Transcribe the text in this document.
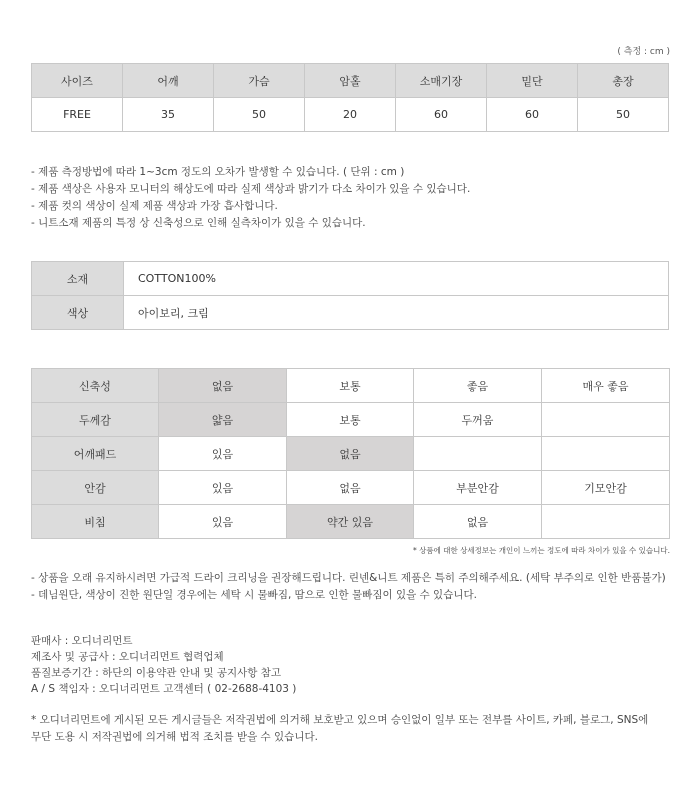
( 측정 : cm )
사이즈	어깨	가슴	암홀	소매기장	밑단	총장
FREE	35	50	20	60	60	50
- 제품 측정방법에 따라 1~3cm 정도의 오차가 발생할 수 있습니다. ( 단위 : cm )
- 제품 색상은 사용자 모니터의 해상도에 따라 실제 색상과 밝기가 다소 차이가 있을 수 있습니다.
- 제품 컷의 색상이 실제 제품 색상과 가장 흡사합니다.
- 니트소재 제품의 특정 상 신축성으로 인해 실측차이가 있을 수 있습니다.
소재	COTTON100%
색상	아이보리, 크림
신축성	없음	보통	좋음	매우 좋음
두께감	얇음	보통	두꺼움	
어깨패드	있음	없음		
안감	있음	없음	부분안감	기모안감
비침	있음	약간 있음	없음	
* 상품에 대한 상세정보는 개인이 느끼는 정도에 따라 차이가 있을 수 있습니다.
- 상품을 오래 유지하시려면 가급적 드라이 크리닝을 권장해드립니다. 린넨&니트 제품은 특히 주의해주세요. (세탁 부주의로 인한 반품불가)
- 데님원단, 색상이 진한 원단일 경우에는 세탁 시 물빠짐, 땀으로 인한 물빠짐이 있을 수 있습니다.
판매사 : 오디너리먼트
제조사 및 공급사 : 오디너리먼트 협력업체
품질보증기간 : 하단의 이용약관 안내 및 공지사항 참고
A / S 책임자 : 오디너리먼트 고객센터 ( 02-2688-4103 )
* 오디너리먼트에 게시된 모든 게시글들은 저작권법에 의거해 보호받고 있으며 승인없이 일부 또는 전부를 사이트, 카페, 블로그, SNS에
무단 도용 시 저작권법에 의거해 법적 조치를 받을 수 있습니다.
